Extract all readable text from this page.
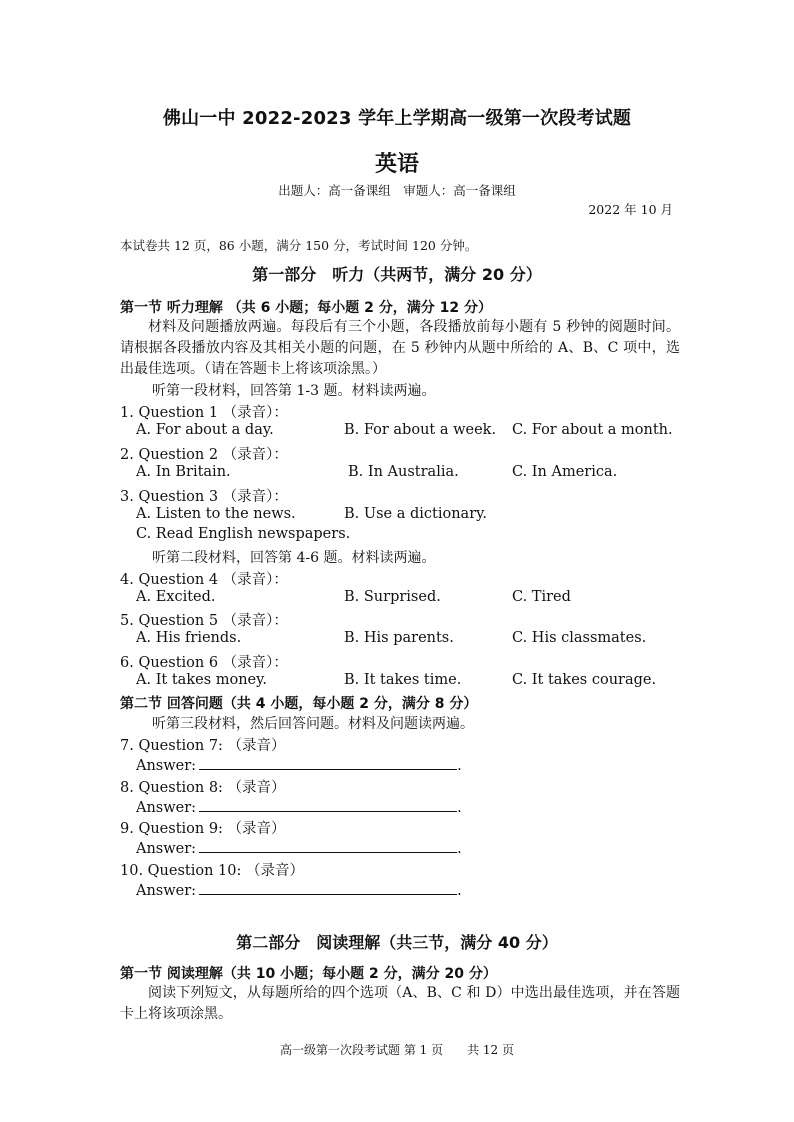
佛山一中 2022-2023 学年上学期高一级第一次段考试题
英语
出题人：高一备课组　审题人：高一备课组
2022 年 10 月
本试卷共 12 页，86 小题，满分 150 分，考试时间 120 分钟。
第一部分　听力（共两节，满分 20 分）
第一节 听力理解 （共 6 小题；每小题 2 分，满分 12 分）
材料及问题播放两遍。每段后有三个小题，各段播放前每小题有 5 秒钟的阅题时间。请根据各段播放内容及其相关小题的问题，在 5 秒钟内从题中所给的 A、B、C 项中，选出最佳选项。（请在答题卡上将该项涂黑。）
听第一段材料，回答第 1-3 题。材料读两遍。
1. Question 1 （录音）：
A. For about a day.	B. For about a week. C. For about a month.
2. Question 2 （录音）：
A. In Britain.	B. In Australia.	C. In America.
3. Question 3 （录音）：
A. Listen to the news.	B. Use a dictionary.
C. Read English newspapers.
听第二段材料，回答第 4-6 题。材料读两遍。
4. Question 4 （录音）：
A. Excited.	B. Surprised.	C. Tired
5. Question 5 （录音）：
A. His friends.	B. His parents.	C. His classmates.
6. Question 6 （录音）：
A. It takes money.	B. It takes time.	C. It takes courage.
第二节 回答问题（共 4 小题，每小题 2 分，满分 8 分）
听第三段材料，然后回答问题。材料及问题读两遍。
7. Question 7: （录音）
Answer:	.
8. Question 8: （录音）
Answer:	.
9. Question 9: （录音）
Answer:	.
10. Question 10: （录音）
Answer:	.
第二部分　阅读理解（共三节，满分 40 分）
第一节 阅读理解（共 10 小题；每小题 2 分，满分 20 分）
阅读下列短文，从每题所给的四个选项（A、B、C 和 D）中选出最佳选项，并在答题卡上将该项涂黑。
高一级第一次段考试题 第 1 页　　共 12 页
